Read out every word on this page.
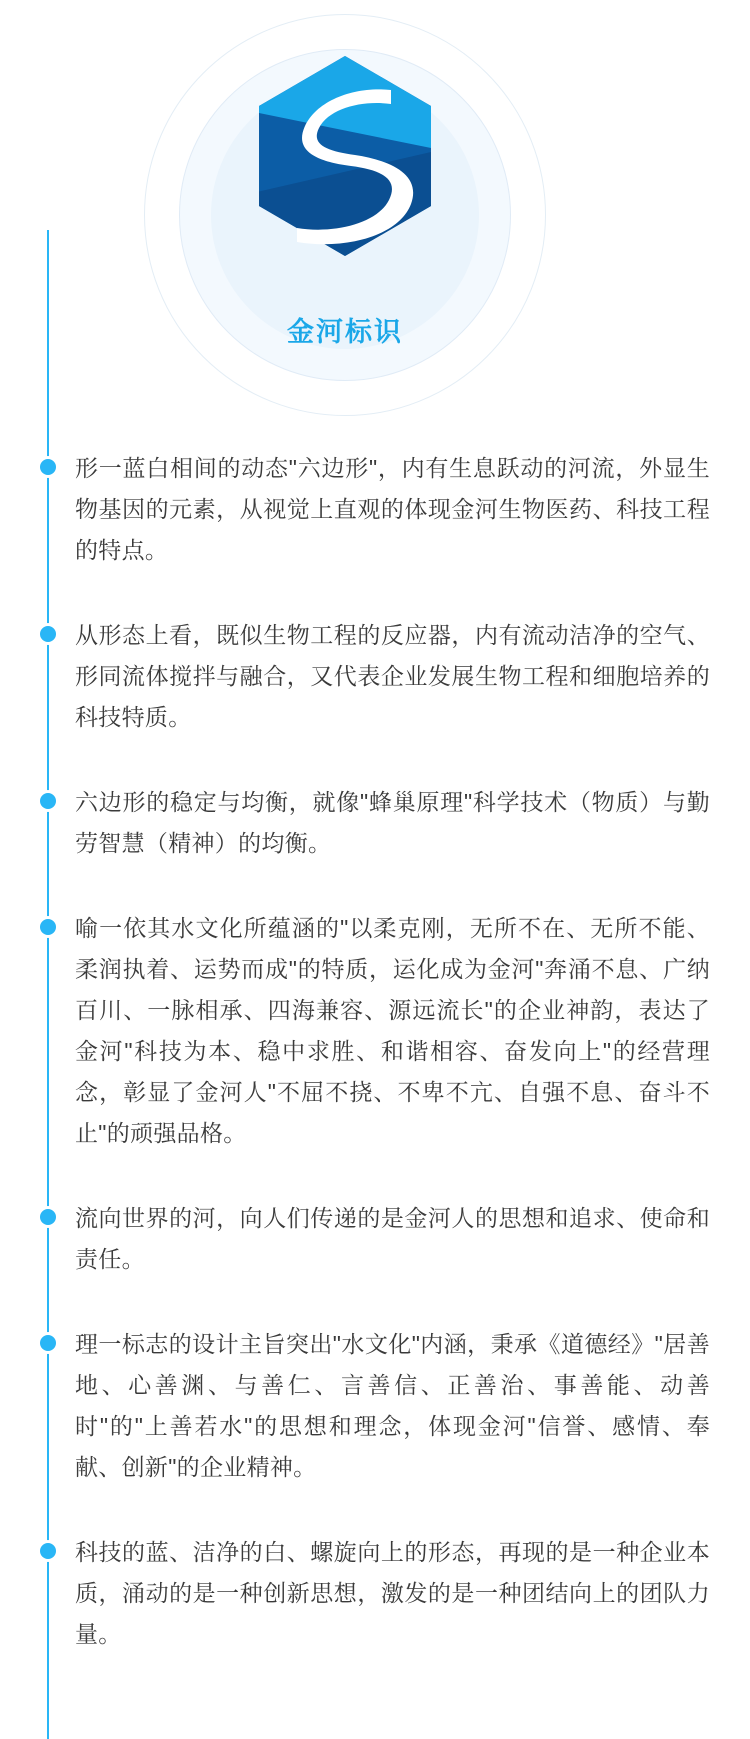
金河标识
形一蓝白相间的动态"六边形"，内有生息跃动的河流，外显生物基因的元素，从视觉上直观的体现金河生物医药、科技工程的特点。
从形态上看，既似生物工程的反应器，内有流动洁净的空气、形同流体搅拌与融合，又代表企业发展生物工程和细胞培养的科技特质。
六边形的稳定与均衡，就像"蜂巢原理"科学技术（物质）与勤劳智慧（精神）的均衡。
喻一依其水文化所蕴涵的"以柔克刚，无所不在、无所不能、柔润执着、运势而成"的特质，运化成为金河"奔涌不息、广纳百川、一脉相承、四海兼容、源远流长"的企业神韵，表达了金河"科技为本、稳中求胜、和谐相容、奋发向上"的经营理念，彰显了金河人"不屈不挠、不卑不亢、自强不息、奋斗不止"的顽强品格。
流向世界的河，向人们传递的是金河人的思想和追求、使命和责任。
理一标志的设计主旨突出"水文化"内涵，秉承《道德经》"居善地、心善渊、与善仁、言善信、正善治、事善能、动善时"的"上善若水"的思想和理念，体现金河"信誉、感情、奉献、创新"的企业精神。
科技的蓝、洁净的白、螺旋向上的形态，再现的是一种企业本质，涌动的是一种创新思想，激发的是一种团结向上的团队力量。
